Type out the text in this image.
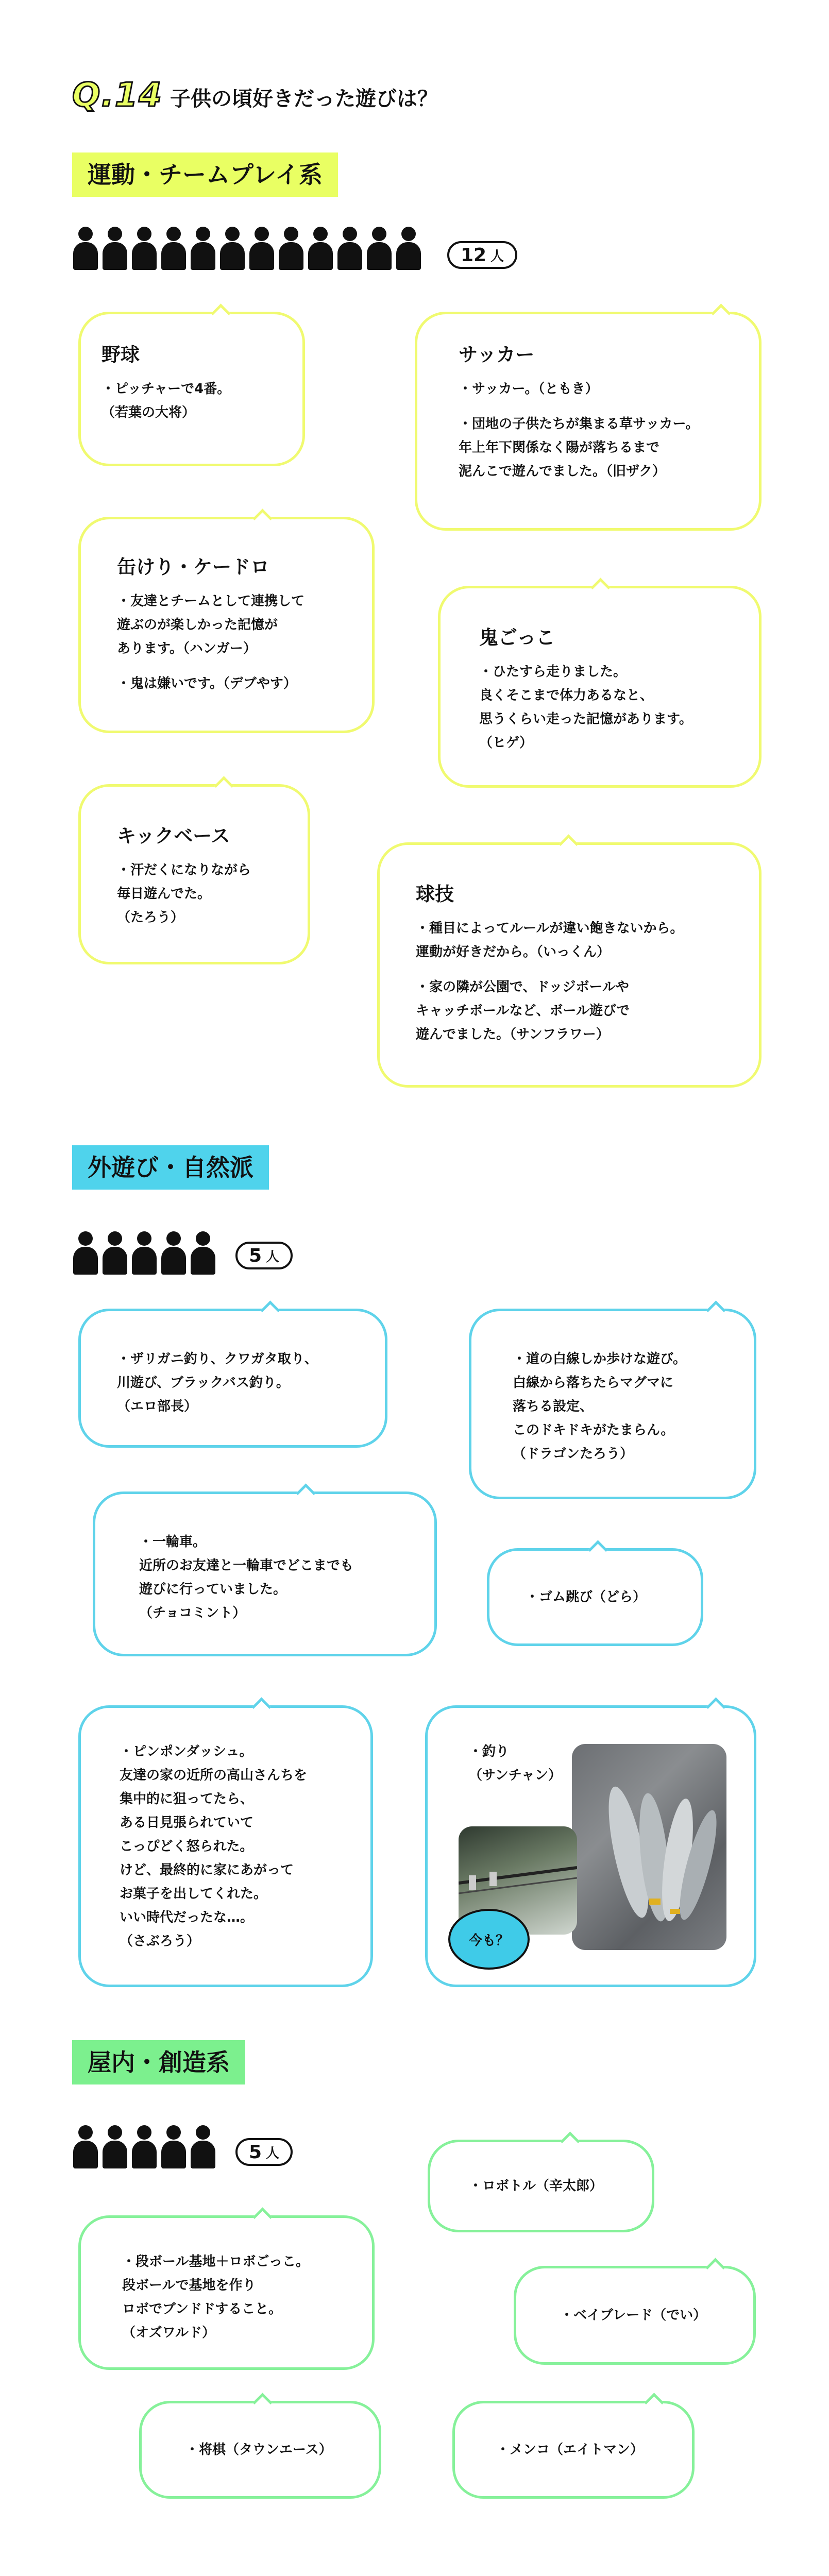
Q.14 子供の頃好きだった遊びは？
運動・チームプレイ系
12 人
野球
・ピッチャーで4番。
（若葉の大将）
サッカー
・サッカー。（ともき）
・団地の子供たちが集まる草サッカー。
年上年下関係なく陽が落ちるまで
泥んこで遊んでました。（旧ザク）
缶けり・ケードロ
・友達とチームとして連携して
遊ぶのが楽しかった記憶が
あります。（ハンガー）
・鬼は嫌いです。（デブやす）
鬼ごっこ
・ひたすら走りました。
良くそこまで体力あるなと、
思うくらい走った記憶があります。
（ヒゲ）
キックベース
・汗だくになりながら
毎日遊んでた。
（たろう）
球技
・種目によってルールが違い飽きないから。
運動が好きだから。（いっくん）
・家の隣が公園で、ドッジボールや
キャッチボールなど、ボール遊びで
遊んでました。（サンフラワー）
外遊び・自然派
5 人
・ザリガニ釣り、クワガタ取り、
川遊び、ブラックバス釣り。
（エロ部長）
・道の白線しか歩けな遊び。
白線から落ちたらマグマに
落ちる設定、
このドキドキがたまらん。
（ドラゴンたろう）
・一輪車。
近所のお友達と一輪車でどこまでも
遊びに行っていました。
（チョコミント）
・ゴム跳び（どら）
・ピンポンダッシュ。
友達の家の近所の高山さんちを
集中的に狙ってたら、
ある日見張られていて
こっぴどく怒られた。
けど、最終的に家にあがって
お菓子を出してくれた。
いい時代だったな…。
（さぶろう）
・釣り
（サンチャン）
今も？
屋内・創造系
5 人
・ロボトル（辛太郎）
・段ボール基地＋ロボごっこ。
段ボールで基地を作り
ロボでブンドドすること。
（オズワルド）
・ベイブレード（でい）
・将棋（タウンエース）	・メンコ（エイトマン）
